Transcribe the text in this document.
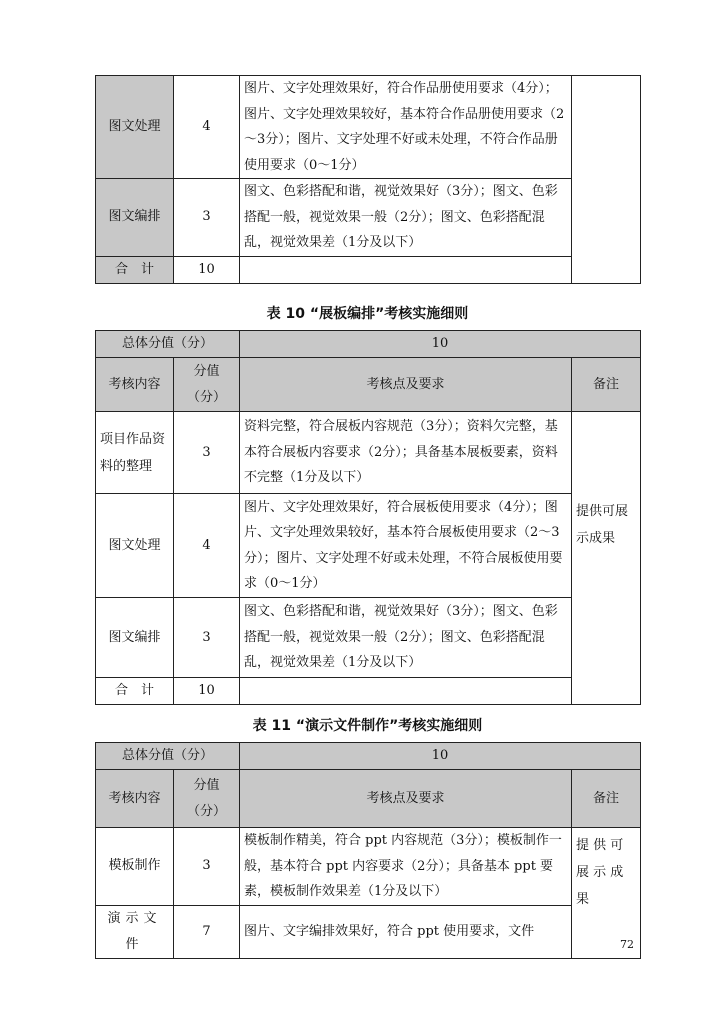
图文处理	4	图片、文字处理效果好，符合作品册使用要求（4分）；图片、文字处理效果较好，基本符合作品册使用要求（2～3分）；图片、文字处理不好或未处理，不符合作品册使用要求（0～1分）	
图文编排	3	图文、色彩搭配和谐，视觉效果好（3分）；图文、色彩搭配一般，视觉效果一般（2分）；图文、色彩搭配混乱，视觉效果差（1分及以下）	
合　计	10		
表 10 “展板编排”考核实施细则
总体分值（分）		10	
考核内容	分值（分）	考核点及要求	备注
项目作品资料的整理	3	资料完整，符合展板内容规范（3分）；资料欠完整，基本符合展板内容要求（2分）；具备基本展板要素，资料不完整（1分及以下）	
图文处理	4	图片、文字处理效果好，符合展板使用要求（4分）；图片、文字处理效果较好，基本符合展板使用要求（2～3分）；图片、文字处理不好或未处理，不符合展板使用要求（0～1分）	提供可展示成果
图文编排	3	图文、色彩搭配和谐，视觉效果好（3分）；图文、色彩搭配一般，视觉效果一般（2分）；图文、色彩搭配混乱，视觉效果差（1分及以下）	
合　计	10		
表 11 “演示文件制作”考核实施细则
总体分值（分）		10	
考核内容	分值（分）	考核点及要求	备注
模板制作	3	模板制作精美，符合 ppt 内容规范（3分）；模板制作一般，基本符合 ppt 内容要求（2分）；具备基本 ppt 要素，模板制作效果差（1分及以下）	提 供 可 展 示 成 果
演示文件	7	图片、文字编排效果好，符合 ppt 使用要求，文件	
72
